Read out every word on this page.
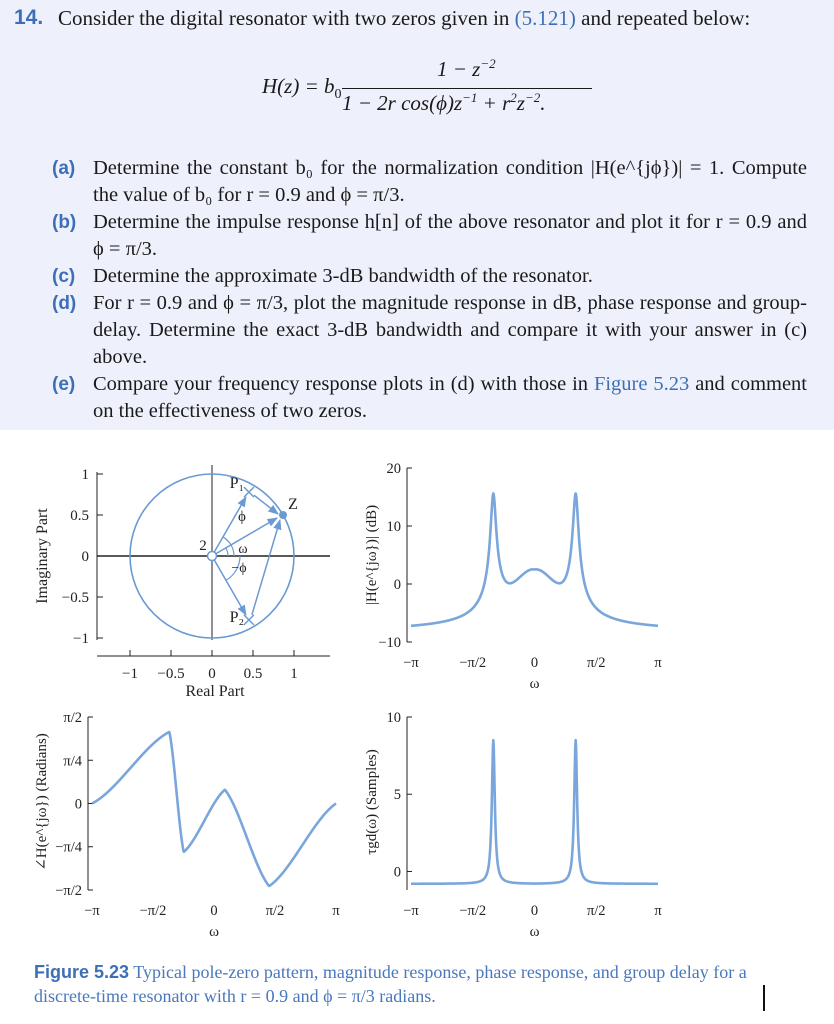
14. Consider the digital resonator with two zeros given in (5.121) and repeated below:
$H(z) = b_0$
$1 - z^{-2}$
1 − 2r $\cos(\phi)z^{-1} + r^2z^{-2}$.
(a) Determine the constant b₀ for the normalization condition |H(e^{jϕ})| = 1. Compute the value of b₀ for r = 0.9 and ϕ = π/3.
(b) Determine the impulse response h[n] of the above resonator and plot it for r = 0.9 and ϕ = π/3.
(c) Determine the approximate 3-dB bandwidth of the resonator.
(d) For r = 0.9 and ϕ = π/3, plot the magnitude response in dB, phase response and group-delay. Determine the exact 3-dB bandwidth and compare it with your answer in (c) above.
(e) Compare your frequency response plots in (d) with those in Figure 5.23 and comment on the effectiveness of two zeros.
1
0.5
0
−0.5
−1
−1 −0.5 0 0.5 1
Real Part
Imaginary Part
P₁
P₂
Z
2
ϕ
ω
−ϕ
20
10
0
−10
−π	−π/2	0	π/2	π
ω
|H(e^{jω})| (dB)
π/2
π/4
0
−π/4
−π/2
−π	−π/2	0	π/2	π
ω
∠H(e^{jω}) (Radians)
10
5
0
−π	−π/2	0	π/2	π
ω
τgd(ω) (Samples)
Figure 5.23 Typical pole-zero pattern, magnitude response, phase response, and group delay for a discrete-time resonator with r = 0.9 and ϕ = π/3 radians.
